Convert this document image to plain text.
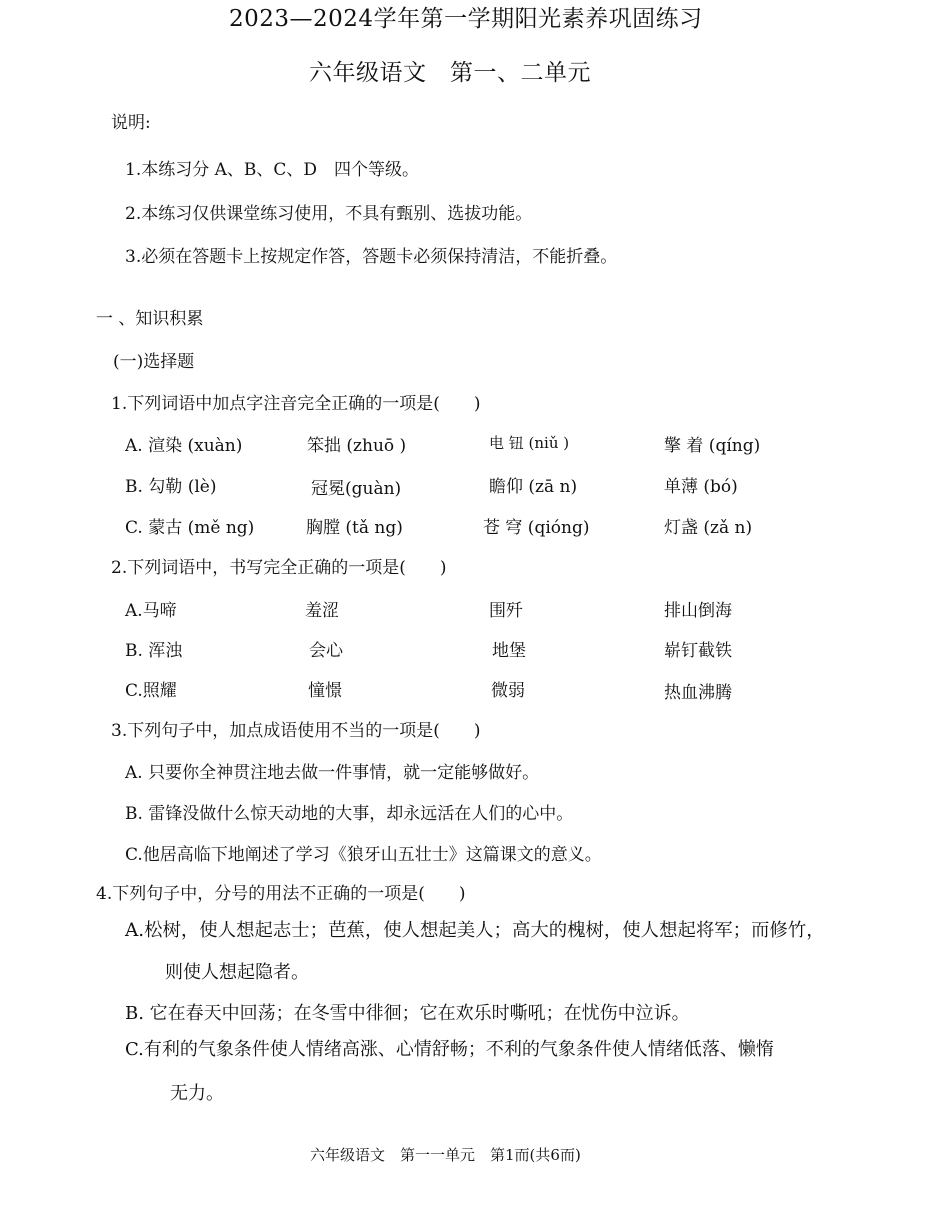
2023—2024学年第一学期阳光素养巩固练习
六年级语文　第一、二单元
说明:
1.本练习分 A、B、C、D　四个等级。
2.本练习仅供课堂练习使用，不具有甄别、选拔功能。
3.必须在答题卡上按规定作答，答题卡必须保持清洁，不能折叠。
一 、知识积累
(一)选择题
1.下列词语中加点字注音完全正确的一项是(　　)
A. 渲染 (xuàn)	笨拙 (zhuō )	电 钮 (niǔ )	擎 着 (qíng)
B. 勾勒 (lè)	冠冕(guàn)	瞻仰 (zā n)	单薄 (bó)
C. 蒙古 (mě ng)	胸膛 (tǎ ng)	苍 穹 (qióng)	灯盏 (zǎ n)
2.下列词语中，书写完全正确的一项是(　　)
A.马啼	羞涩	围歼	排山倒海
B. 浑浊	会心	地堡	崭钉截铁
C.照耀	憧憬	微弱	热血沸腾
3.下列句子中，加点成语使用不当的一项是(　　)
A. 只要你全神贯注地去做一件事情，就一定能够做好。
B. 雷锋没做什么惊天动地的大事，却永远活在人们的心中。
C.他居高临下地阐述了学习《狼牙山五壮士》这篇课文的意义。
4.下列句子中，分号的用法不正确的一项是(　　)
A.松树，使人想起志士；芭蕉，使人想起美人；高大的槐树，使人想起将军；而修竹，
则使人想起隐者。
B. 它在春天中回荡；在冬雪中徘徊；它在欢乐时嘶吼；在忧伤中泣诉。
C.有利的气象条件使人情绪高涨、心情舒畅；不利的气象条件使人情绪低落、懒惰
无力。
六年级语文　第一一单元　第1而(共6而)
